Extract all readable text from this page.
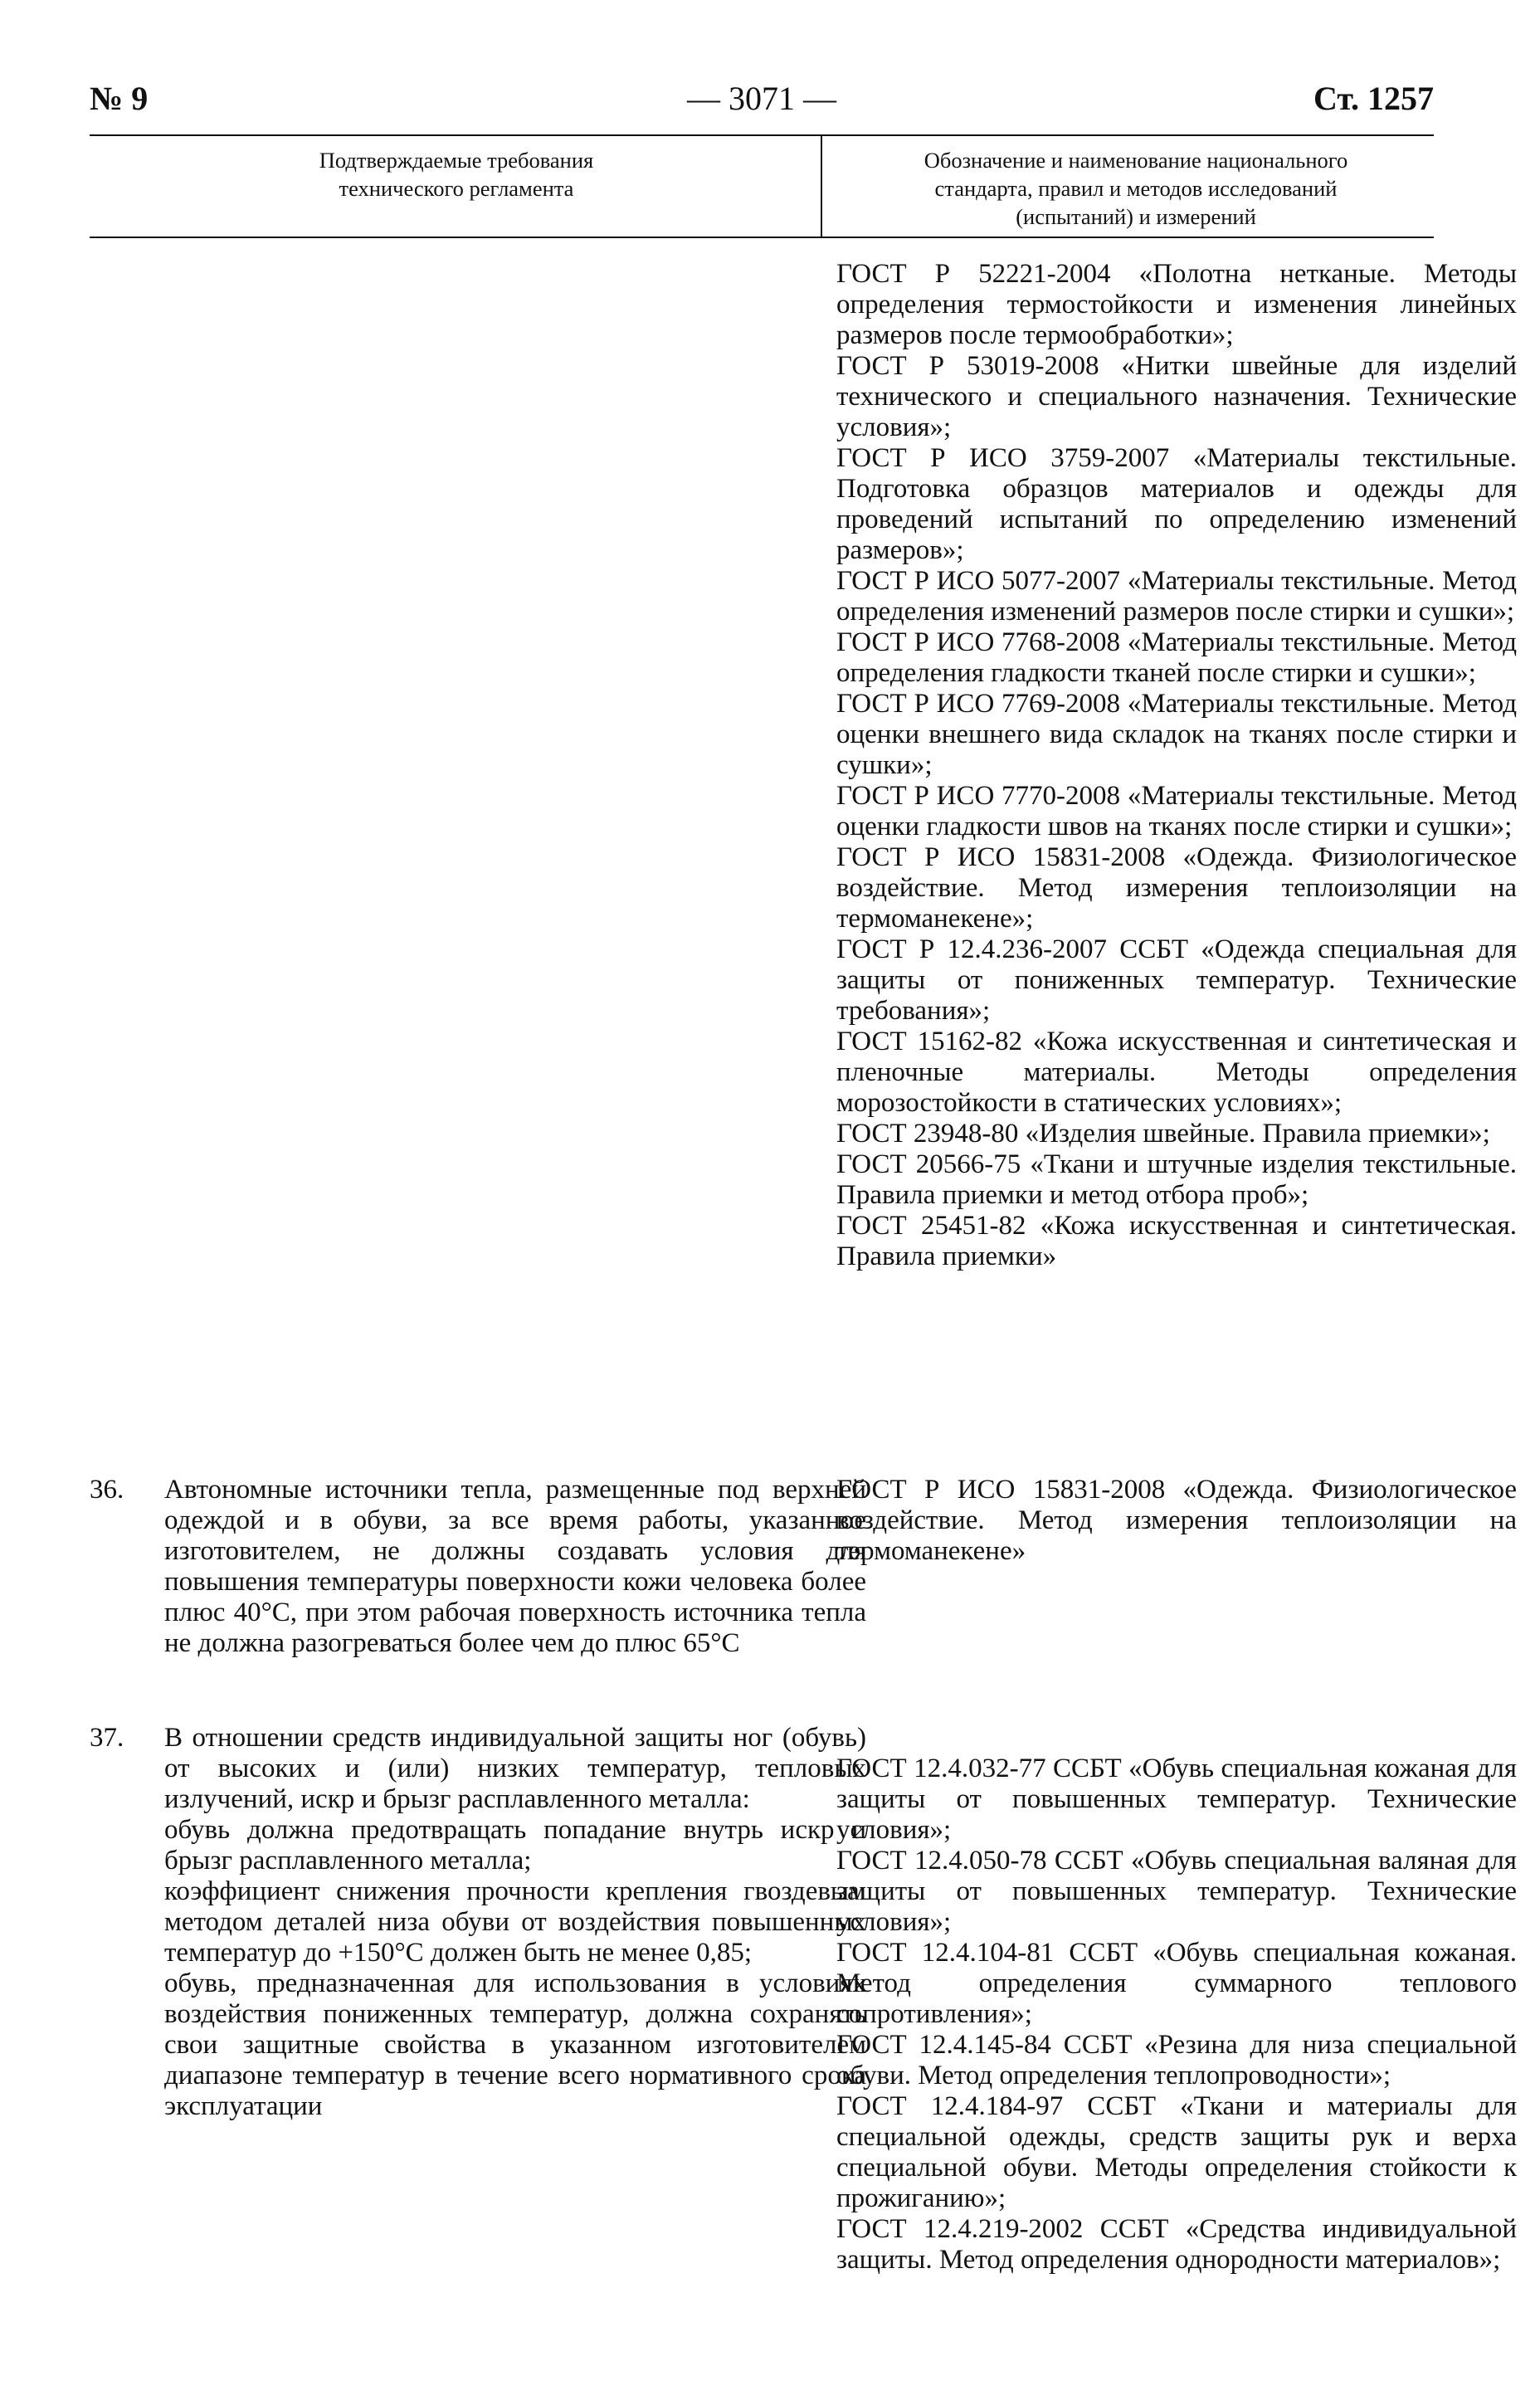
№ 9	— 3071 —	Ст. 1257
Подтверждаемые требования
технического регламента
Обозначение и наименование национального
стандарта, правил и методов исследований
(испытаний) и измерений

ГОСТ Р 52221-2004 «Полотна нетканые. Методы определения термостойкости и изменения линейных размеров после термообработки»;

ГОСТ Р 53019-2008 «Нитки швейные для изделий технического и специального назначения. Технические условия»;

ГОСТ Р ИСО 3759-2007 «Материалы текстильные. Подготовка образцов материалов и одежды для проведений испытаний по определению изменений размеров»;

ГОСТ Р ИСО 5077-2007 «Материалы текстильные. Метод определения изменений размеров после стирки и сушки»;

ГОСТ Р ИСО 7768-2008 «Материалы текстильные. Метод определения гладкости тканей после стирки и сушки»;

ГОСТ Р ИСО 7769-2008 «Материалы текстильные. Метод оценки внешнего вида складок на тканях после стирки и сушки»;

ГОСТ Р ИСО 7770-2008 «Материалы текстильные. Метод оценки гладкости швов на тканях после стирки и сушки»;

ГОСТ Р ИСО 15831-2008 «Одежда. Физиологическое воздействие. Метод измерения теплоизоляции на термоманекене»;

ГОСТ Р 12.4.236-2007 ССБТ «Одежда специальная для защиты от пониженных температур. Технические требования»;

ГОСТ 15162-82 «Кожа искусственная и синтетическая и пленочные материалы. Методы определения морозостойкости в статических условиях»;

ГОСТ 23948-80 «Изделия швейные. Правила приемки»;

ГОСТ 20566-75 «Ткани и штучные изделия текстильные. Правила приемки и метод отбора проб»;

ГОСТ 25451-82 «Кожа искусственная и синтетическая. Правила приемки»

36. Автономные источники тепла, размещенные под верхней одеждой и в обуви, за все время работы, указанное изготовителем, не должны создавать условия для повышения температуры поверхности кожи человека более плюс 40°С, при этом рабочая поверхность источника тепла не должна разогреваться более чем до плюс 65°С

ГОСТ Р ИСО 15831-2008 «Одежда. Физиологическое воздействие. Метод измерения теплоизоляции на термоманекене»

37. В отношении средств индивидуальной защиты ног (обувь) от высоких и (или) низких температур, тепловых излучений, искр и брызг расплавленного металла:

обувь должна предотвращать попадание внутрь искр и брызг расплавленного металла;

коэффициент снижения прочности крепления гвоздевым методом деталей низа обуви от воздействия повышенных температур до +150°С должен быть не менее 0,85;

обувь, предназначенная для использования в условиях воздействия пониженных температур, должна сохранять свои защитные свойства в указанном изготовителем диапазоне температур в течение всего нормативного срока эксплуатации

ГОСТ 12.4.032-77 ССБТ «Обувь специальная кожаная для защиты от повышенных температур. Технические условия»;

ГОСТ 12.4.050-78 ССБТ «Обувь специальная валяная для защиты от повышенных температур. Технические условия»;

ГОСТ 12.4.104-81 ССБТ «Обувь специальная кожаная. Метод определения суммарного теплового сопротивления»;

ГОСТ 12.4.145-84 ССБТ «Резина для низа специальной обуви. Метод определения теплопроводности»;

ГОСТ 12.4.184-97 ССБТ «Ткани и материалы для специальной одежды, средств защиты рук и верха специальной обуви. Методы определения стойкости к прожиганию»;

ГОСТ 12.4.219-2002 ССБТ «Средства индивидуальной защиты. Метод определения однородности материалов»;
